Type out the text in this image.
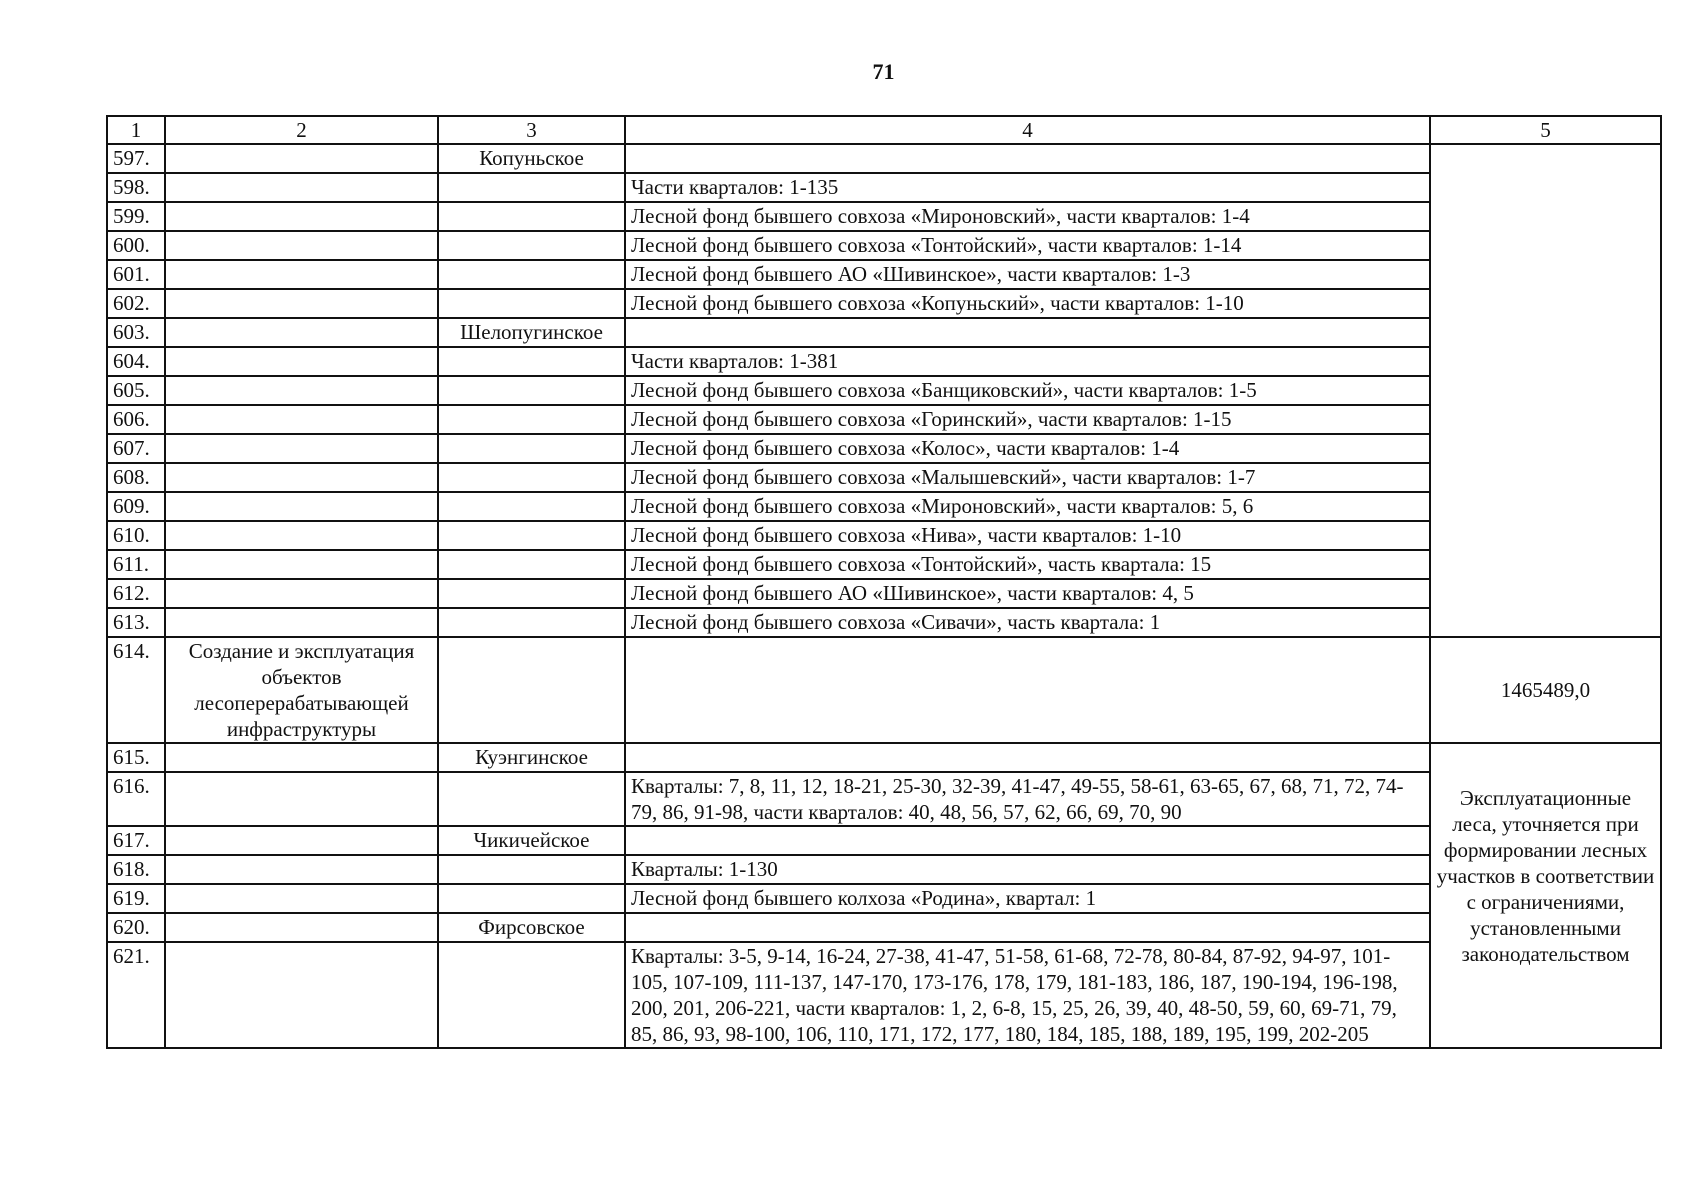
71
1	2	3	4	5
597.		Копуньское		
598.			Части кварталов: 1-135	
599.			Лесной фонд бывшего совхоза «Мироновский», части кварталов: 1-4	
600.			Лесной фонд бывшего совхоза «Тонтойский», части кварталов: 1-14	
601.			Лесной фонд бывшего АО «Шивинское», части кварталов: 1-3	
602.			Лесной фонд бывшего совхоза «Копуньский», части кварталов: 1-10	
603.		Шелопугинское		
604.			Части кварталов: 1-381	
605.			Лесной фонд бывшего совхоза «Банщиковский», части кварталов: 1-5	
606.			Лесной фонд бывшего совхоза «Горинский», части кварталов: 1-15	
607.			Лесной фонд бывшего совхоза «Колос», части кварталов: 1-4	
608.			Лесной фонд бывшего совхоза «Малышевский», части кварталов: 1-7	
609.			Лесной фонд бывшего совхоза «Мироновский», части кварталов: 5, 6	
610.			Лесной фонд бывшего совхоза «Нива», части кварталов: 1-10	
611.			Лесной фонд бывшего совхоза «Тонтойский», часть квартала: 15	
612.			Лесной фонд бывшего АО «Шивинское», части кварталов: 4, 5	
613.			Лесной фонд бывшего совхоза «Сивачи», часть квартала: 1	
614.	Создание и эксплуатация объектов лесоперерабатывающей инфраструктуры			1465489,0
615.		Куэнгинское		Эксплуатационные леса, уточняется при формировании лесных участков в соответствии с ограничениями, установленными законодательством
616.			Кварталы: 7, 8, 11, 12, 18-21, 25-30, 32-39, 41-47, 49-55, 58-61, 63-65, 67, 68, 71, 72, 74-79, 86, 91-98, части кварталов: 40, 48, 56, 57, 62, 66, 69, 70, 90	
617.		Чикичейское		
618.			Кварталы: 1-130	
619.			Лесной фонд бывшего колхоза «Родина», квартал: 1	
620.		Фирсовское		
621.			Кварталы: 3-5, 9-14, 16-24, 27-38, 41-47, 51-58, 61-68, 72-78, 80-84, 87-92, 94-97, 101-105, 107-109, 111-137, 147-170, 173-176, 178, 179, 181-183, 186, 187, 190-194, 196-198, 200, 201, 206-221, части кварталов: 1, 2, 6-8, 15, 25, 26, 39, 40, 48-50, 59, 60, 69-71, 79, 85, 86, 93, 98-100, 106, 110, 171, 172, 177, 180, 184, 185, 188, 189, 195, 199, 202-205	
